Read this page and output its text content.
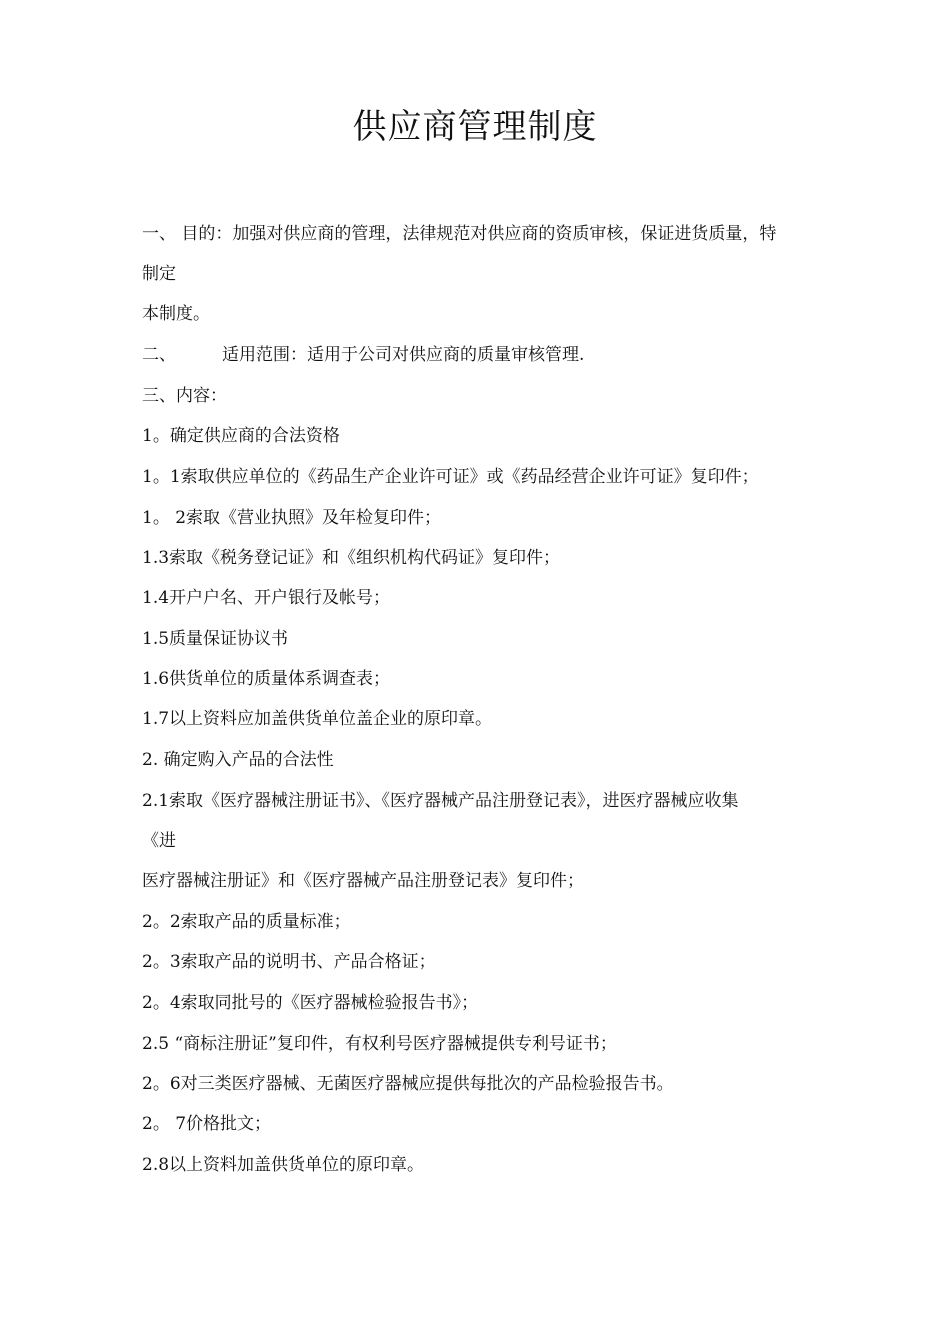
供应商管理制度
一、 目的：加强对供应商的管理，法律规范对供应商的资质审核，保证进货质量，特
制定
本制度。
二、	适用范围：适用于公司对供应商的质量审核管理.
三、内容：
1。确定供应商的合法资格
1。1索取供应单位的《药品生产企业许可证》或《药品经营企业许可证》复印件；
1。 2索取《营业执照》及年检复印件；
1.3索取《税务登记证》和《组织机构代码证》复印件；
1.4开户户名、开户银行及帐号；
1.5质量保证协议书
1.6供货单位的质量体系调查表；
1.7以上资料应加盖供货单位盖企业的原印章。
2. 确定购入产品的合法性
2.1索取《医疗器械注册证书》、《医疗器械产品注册登记表》，进医疗器械应收集
《进
医疗器械注册证》和《医疗器械产品注册登记表》复印件；
2。2索取产品的质量标准；
2。3索取产品的说明书、产品合格证；
2。4索取同批号的《医疗器械检验报告书》；
2.5 “商标注册证”复印件，有权利号医疗器械提供专利号证书；
2。6对三类医疗器械、无菌医疗器械应提供每批次的产品检验报告书。
2。 7价格批文；
2.8以上资料加盖供货单位的原印章。
